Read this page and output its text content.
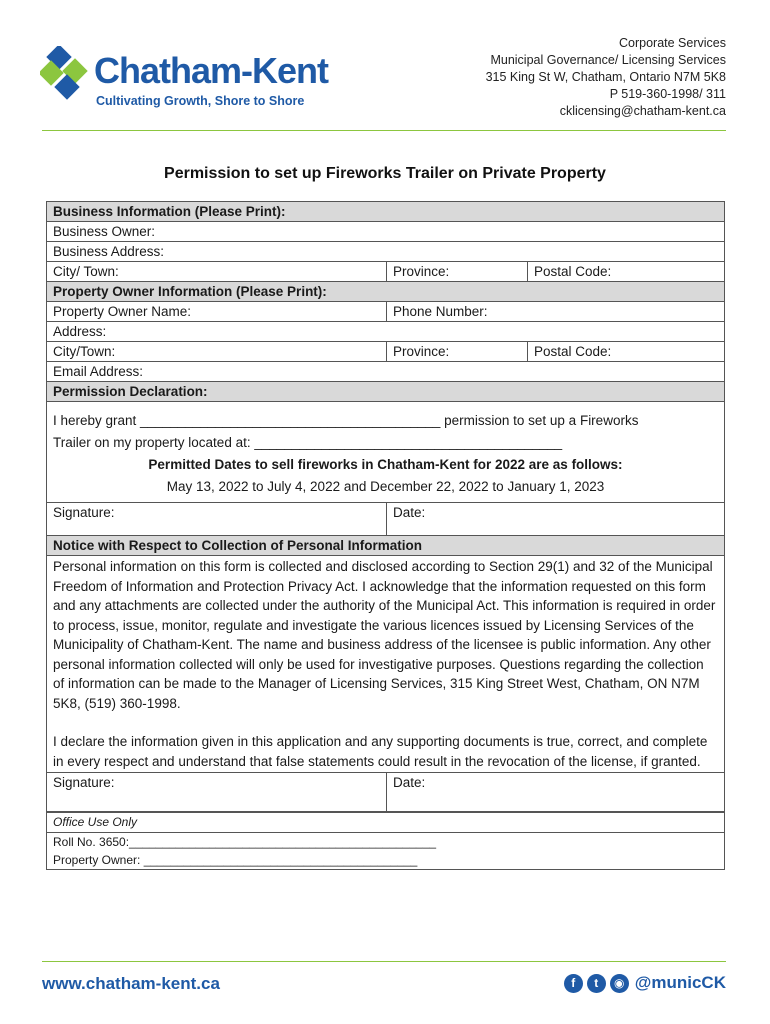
Chatham-Kent
Cultivating Growth, Shore to Shore
Corporate Services
Municipal Governance/ Licensing Services
315 King St W, Chatham, Ontario N7M 5K8
P 519-360-1998/ 311
cklicensing@chatham-kent.ca
Permission to set up Fireworks Trailer on Private Property
Business Information (Please Print):
Business Owner:
Business Address:
City/ Town:	Province:	Postal Code:
Property Owner Information (Please Print):
Property Owner Name:	Phone Number:
Address:
City/Town:	Province:	Postal Code:
Email Address:
Permission Declaration:
I hereby grant ________________________________________ permission to set up a Fireworks
Trailer on my property located at: _________________________________________
Permitted Dates to sell fireworks in Chatham-Kent for 2022 are as follows:
May 13, 2022 to July 4, 2022 and December 22, 2022 to January 1, 2023
Signature:	Date:
Notice with Respect to Collection of Personal Information

Personal information on this form is collected and disclosed according to Section 29(1) and 32 of the Municipal Freedom of Information and Protection Privacy Act. I acknowledge that the information requested on this form and any attachments are collected under the authority of the Municipal Act. This information is required in order to process, issue, monitor, regulate and investigate the various licences issued by Licensing Services of the Municipality of Chatham-Kent. The name and business address of the licensee is public information. Any other personal information collected will only be used for investigative purposes. Questions regarding the collection of information can be made to the Manager of Licensing Services, 315 King Street West, Chatham, ON N7M 5K8, (519) 360-1998.

I declare the information given in this application and any supporting documents is true, correct, and complete in every respect and understand that false statements could result in the revocation of the license, if granted.

Signature:	Date:
Office Use Only
Roll No. 3650:______________________________________________
Property Owner: _________________________________________
www.chatham-kent.ca	f	t	◉ @municCK
